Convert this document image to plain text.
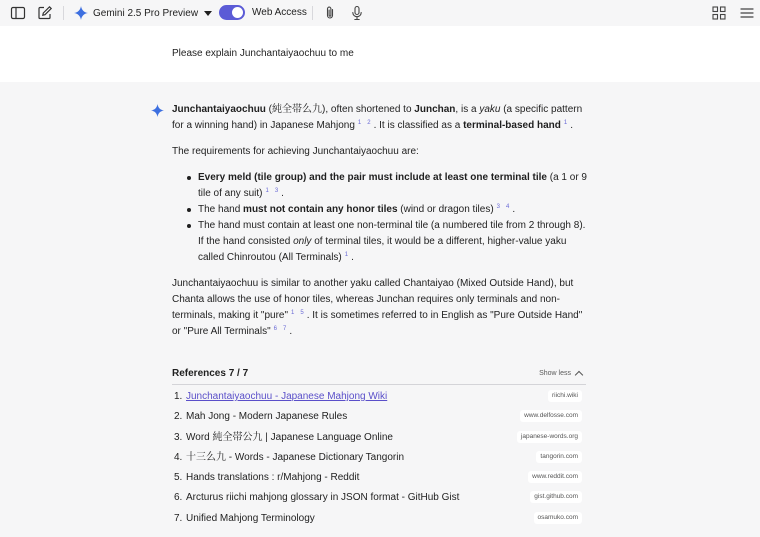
Gemini 2.5 Pro Preview	Web Access
Please explain Junchantaiyaochuu to me

Junchantaiyaochuu (純全帯么九), often shortened to Junchan, is a yaku (a specific pattern for a winning hand) in Japanese Mahjong 1 2 . It is classified as a terminal-based hand 1 .

The requirements for achieving Junchantaiyaochuu are:

Every meld (tile group) and the pair must include at least one terminal tile (a 1 or 9 tile of any suit) 1 3 .
The hand must not contain any honor tiles (wind or dragon tiles) 3 4 .
The hand must contain at least one non-terminal tile (a numbered tile from 2 through 8). If the hand consisted only of terminal tiles, it would be a different, higher-value yaku called Chinroutou (All Terminals) 1 .

Junchantaiyaochuu is similar to another yaku called Chantaiyao (Mixed Outside Hand), but Chanta allows the use of honor tiles, whereas Junchan requires only terminals and non-terminals, making it "pure" 1 5 . It is sometimes referred to in English as "Pure Outside Hand" or "Pure All Terminals" 6 7 .

References 7 / 7	Show less
1. Junchantaiyaochuu - Japanese Mahjong Wiki	riichi.wiki
2. Mah Jong - Modern Japanese Rules	www.delfosse.com
3. Word 純全帯公九 | Japanese Language Online	japanese-words.org
4. 十三么九 - Words - Japanese Dictionary Tangorin	tangorin.com
5. Hands translations : r/Mahjong - Reddit	www.reddit.com
6. Arcturus riichi mahjong glossary in JSON format - GitHub Gist	gist.github.com
7. Unified Mahjong Terminology	osamuko.com
